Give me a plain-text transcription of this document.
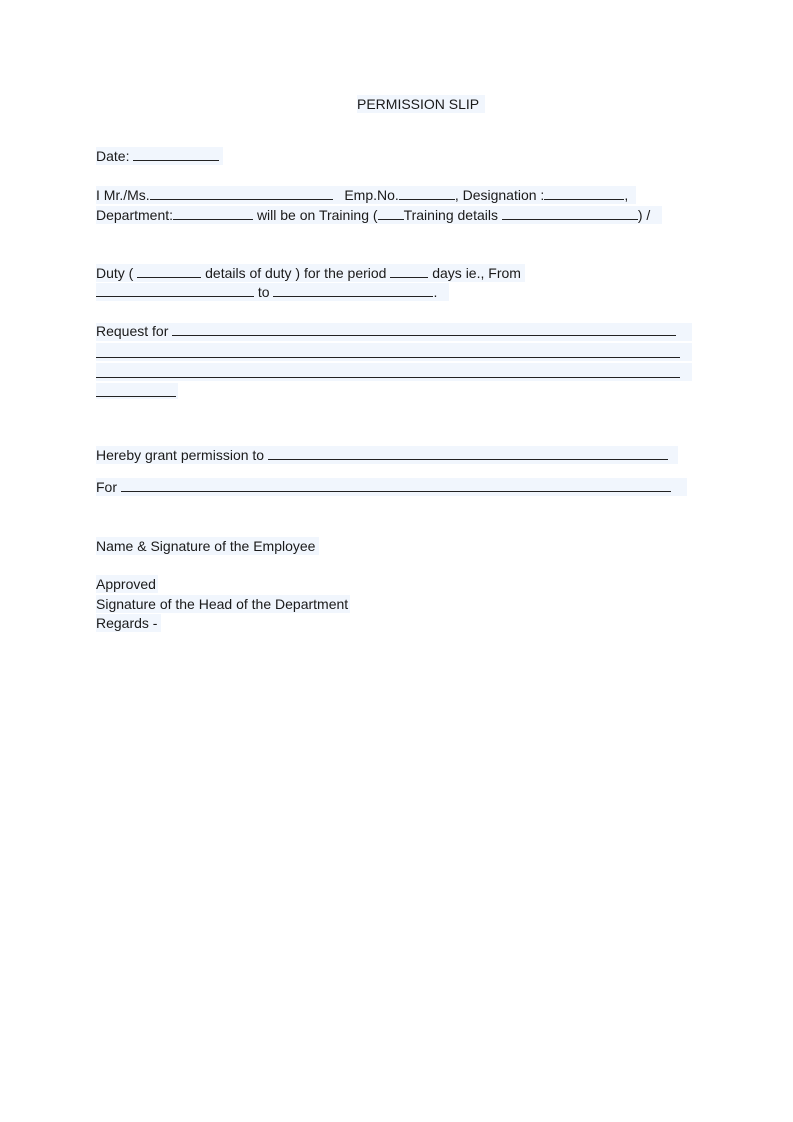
PERMISSION SLIP
Date:
I Mr./Ms.	Emp.No.	, Designation :	,
Department:	will be on Training ( Training details	) /
Duty (	details of duty ) for the period	days ie., From
to	.
Request for
Hereby grant permission to
For
Name & Signature of the Employee
Approved
Signature of the Head of the Department
Regards -
